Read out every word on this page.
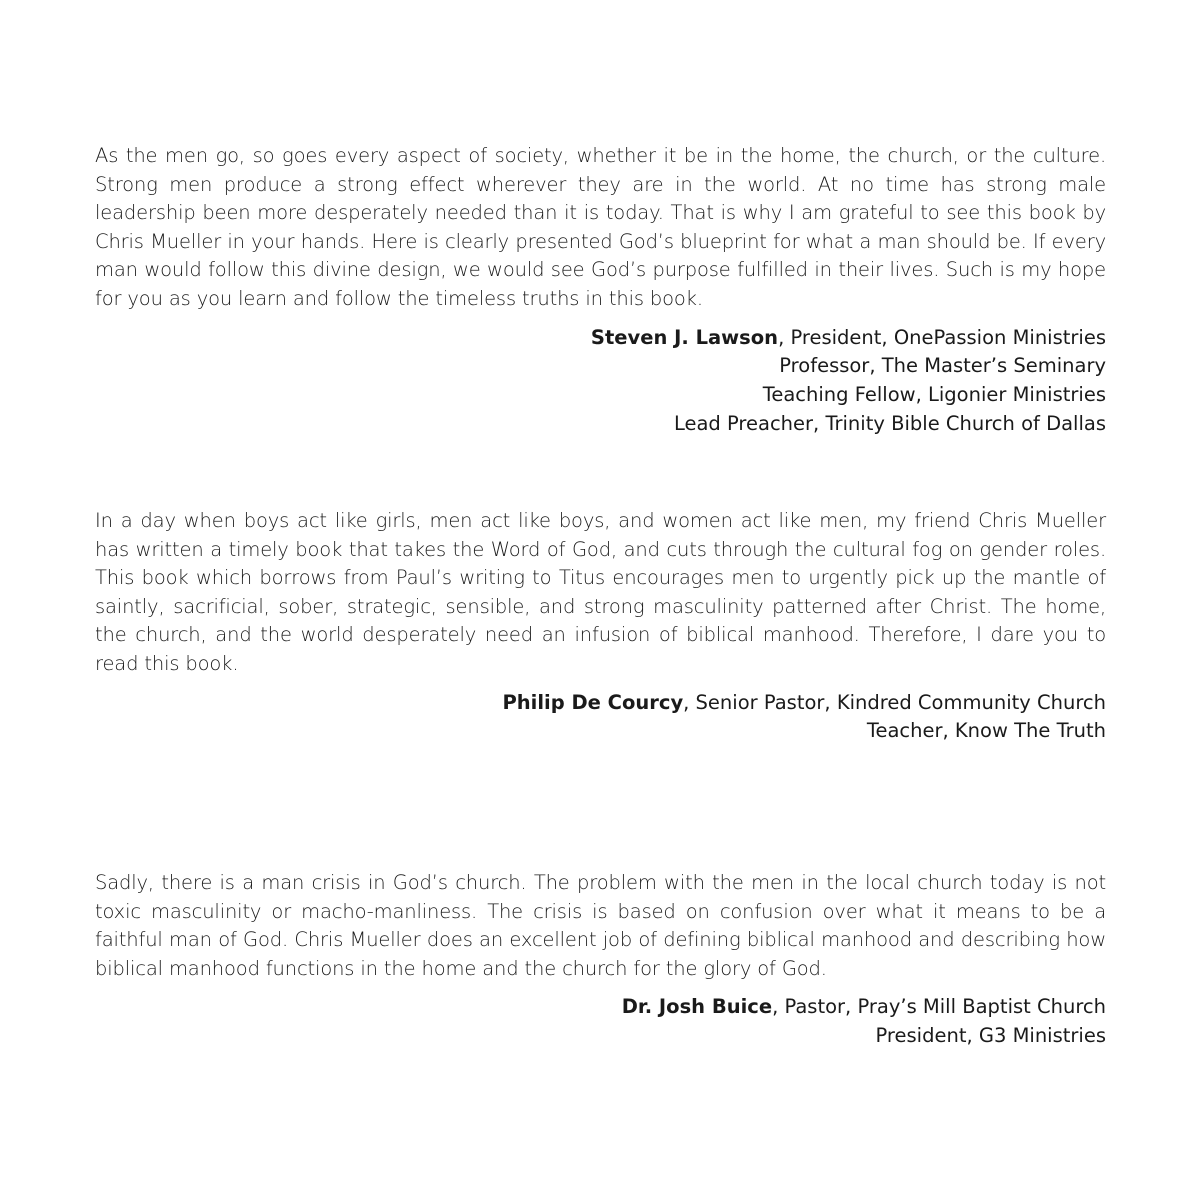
As the men go, so goes every aspect of society, whether it be in the home, the church, or the culture. Strong men produce a strong effect wherever they are in the world. At no time has strong male leadership been more desperately needed than it is today. That is why I am grateful to see this book by Chris Mueller in your hands. Here is clearly presented God’s blueprint for what a man should be. If every man would follow this divine design, we would see God’s purpose fulfilled in their lives. Such is my hope for you as you learn and follow the timeless truths in this book.

Steven J. Lawson, President, OnePassion Ministries
Professor, The Master’s Seminary
Teaching Fellow, Ligonier Ministries
Lead Preacher, Trinity Bible Church of Dallas

In a day when boys act like girls, men act like boys, and women act like men, my friend Chris Mueller has written a timely book that takes the Word of God, and cuts through the cultural fog on gender roles. This book which borrows from Paul’s writing to Titus encourages men to urgently pick up the mantle of saintly, sacrificial, sober, strategic, sensible, and strong masculinity patterned after Christ. The home, the church, and the world desperately need an infusion of biblical manhood. Therefore, I dare you to read this book.

Philip De Courcy, Senior Pastor, Kindred Community Church
Teacher, Know The Truth

Sadly, there is a man crisis in God’s church. The problem with the men in the local church today is not toxic masculinity or macho-manliness. The crisis is based on confusion over what it means to be a faithful man of God. Chris Mueller does an excellent job of defining biblical manhood and describing how biblical manhood functions in the home and the church for the glory of God.

Dr. Josh Buice, Pastor, Pray’s Mill Baptist Church
President, G3 Ministries
